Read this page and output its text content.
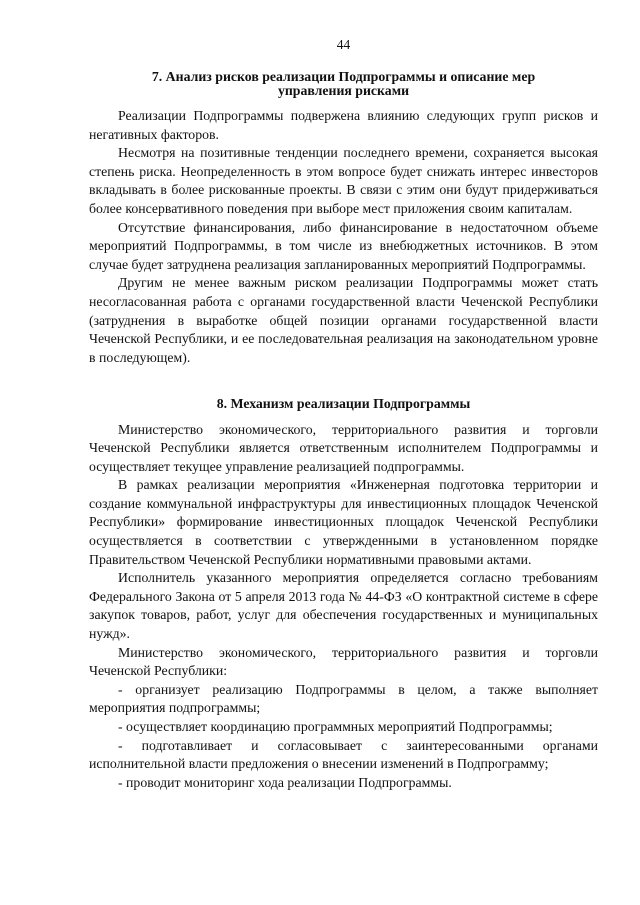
44
7. Анализ рисков реализации Подпрограммы и описание мер
управления рисками

Реализации Подпрограммы подвержена влиянию следующих групп рисков и негативных факторов.

Несмотря на позитивные тенденции последнего времени, сохраняется высокая степень риска. Неопределенность в этом вопросе будет снижать интерес инвесторов вкладывать в более рискованные проекты. В связи с этим они будут придерживаться более консервативного поведения при выборе мест приложения своим капиталам.

Отсутствие финансирования, либо финансирование в недостаточном объеме мероприятий Подпрограммы, в том числе из внебюджетных источников. В этом случае будет затруднена реализация запланированных мероприятий Подпрограммы.

Другим не менее важным риском реализации Подпрограммы может стать несогласованная работа с органами государственной власти Чеченской Республики (затруднения в выработке общей позиции органами государственной власти Чеченской Республики, и ее последовательная реализация на законодательном уровне в последующем).

8. Механизм реализации Подпрограммы

Министерство экономического, территориального развития и торговли Чеченской Республики является ответственным исполнителем Подпрограммы и осуществляет текущее управление реализацией подпрограммы.

В рамках реализации мероприятия «Инженерная подготовка территории и создание коммунальной инфраструктуры для инвестиционных площадок Чеченской Республики» формирование инвестиционных площадок Чеченской Республики осуществляется в соответствии с утвержденными в установленном порядке Правительством Чеченской Республики нормативными правовыми актами.

Исполнитель указанного мероприятия определяется согласно требованиям Федерального Закона от 5 апреля 2013 года № 44-ФЗ «О контрактной системе в сфере закупок товаров, работ, услуг для обеспечения государственных и муниципальных нужд».

Министерство экономического, территориального развития и торговли Чеченской Республики:

- организует реализацию Подпрограммы в целом, а также выполняет мероприятия подпрограммы;

- осуществляет координацию программных мероприятий Подпрограммы;

- подготавливает и согласовывает с заинтересованными органами исполнительной власти предложения о внесении изменений в Подпрограмму;

- проводит мониторинг хода реализации Подпрограммы.
